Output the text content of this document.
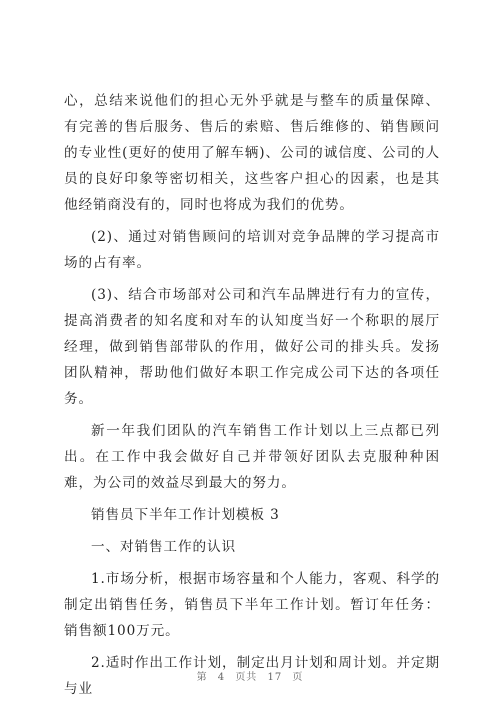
心，总结来说他们的担心无外乎就是与整车的质量保障、有完善的售后服务、售后的索赔、售后维修的、销售顾问的专业性(更好的使用了解车辆)、公司的诚信度、公司的人员的良好印象等密切相关，这些客户担心的因素，也是其他经销商没有的，同时也将成为我们的优势。

(2)、通过对销售顾问的培训对竞争品牌的学习提高市场的占有率。

(3)、结合市场部对公司和汽车品牌进行有力的宣传，提高消费者的知名度和对车的认知度当好一个称职的展厅经理，做到销售部带队的作用，做好公司的排头兵。发扬团队精神，帮助他们做好本职工作完成公司下达的各项任务。

新一年我们团队的汽车销售工作计划以上三点都已列出。在工作中我会做好自己并带领好团队去克服种种困难，为公司的效益尽到最大的努力。

销售员下半年工作计划模板 3

一、对销售工作的认识

1.市场分析，根据市场容量和个人能力，客观、科学的制定出销售任务，销售员下半年工作计划。暂订年任务：销售额100万元。

2.适时作出工作计划，制定出月计划和周计划。并定期与业

第 4 页共 17 页
